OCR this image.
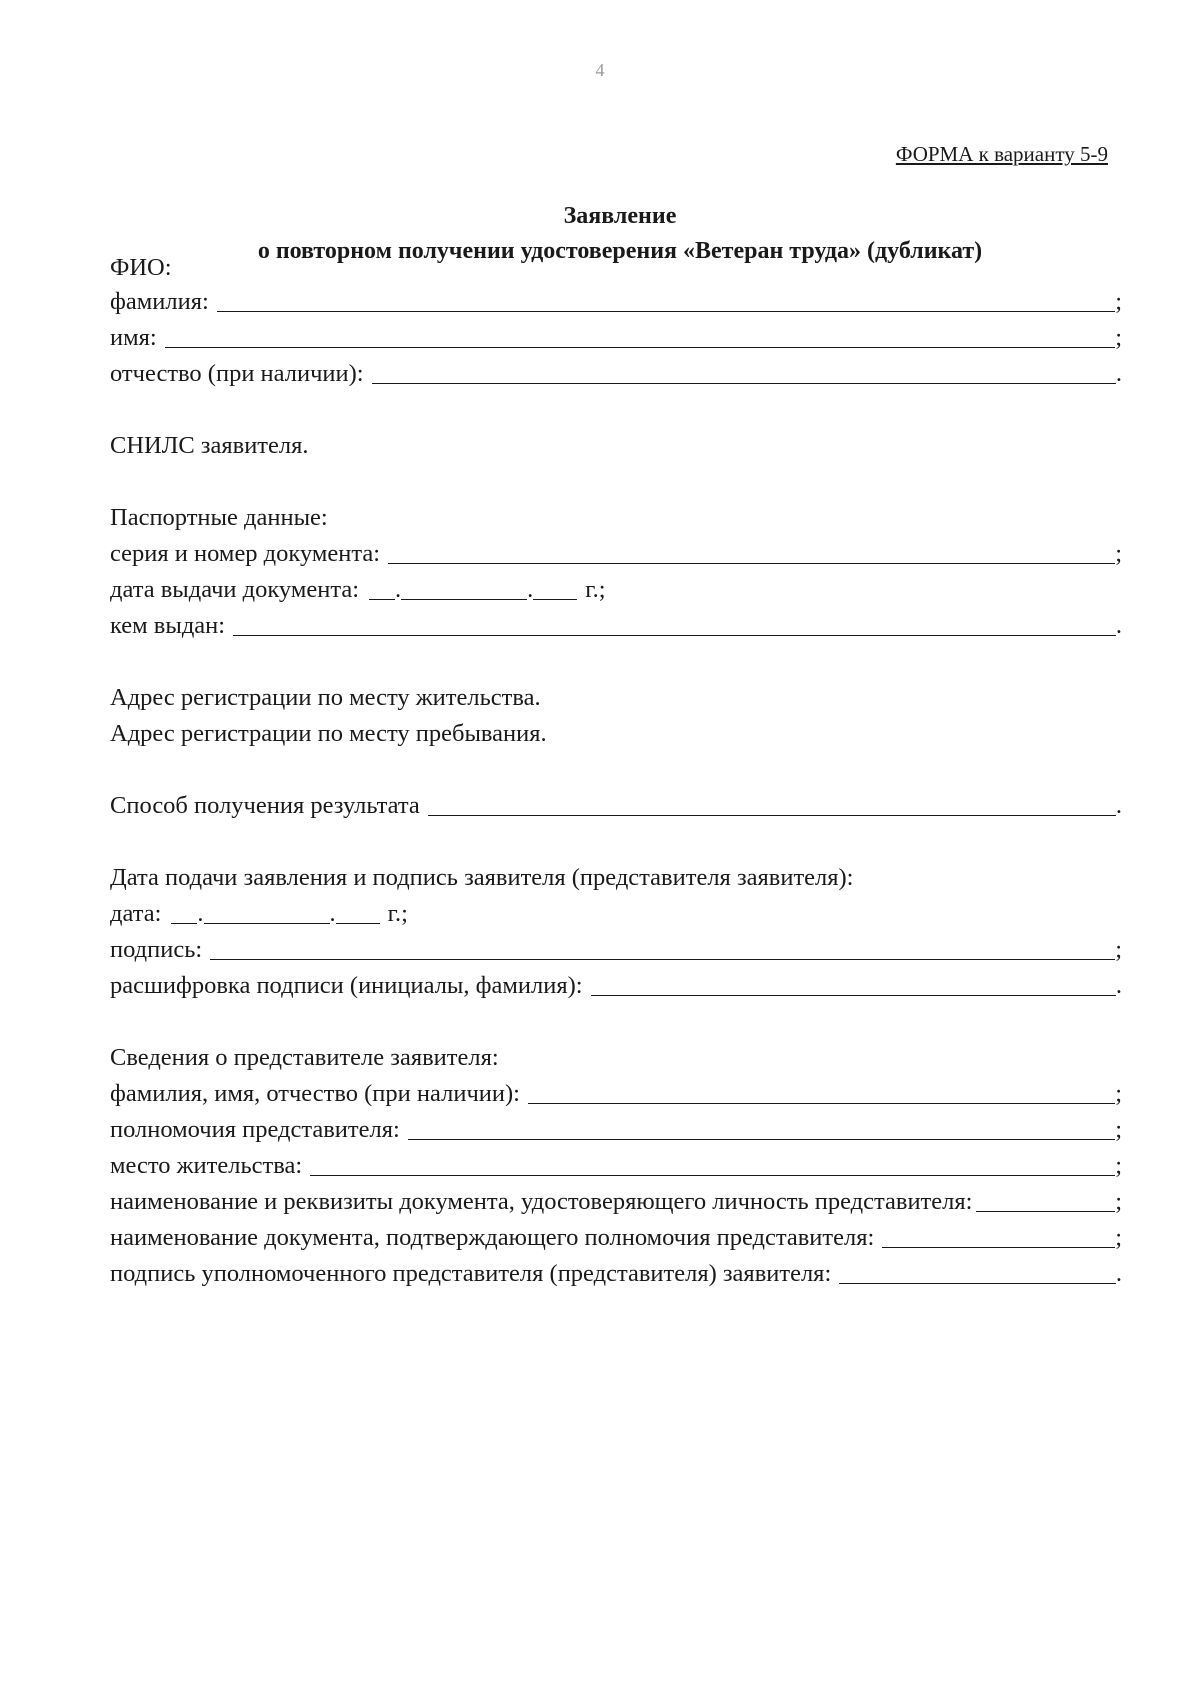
4
ФОРМА к варианту 5-9
Заявление
о повторном получении удостоверения «Ветеран труда» (дубликат)
ФИО:
фамилия:	;
имя:	;
отчество (при наличии):	.
СНИЛС заявителя.
Паспортные данные:
серия и номер документа:	;
дата выдачи документа: .	. г.;
кем выдан:	.
Адрес регистрации по месту жительства.
Адрес регистрации по месту пребывания.
Способ получения результата	.
Дата подачи заявления и подпись заявителя (представителя заявителя):
дата: .	. г.;
подпись:	;
расшифровка подписи (инициалы, фамилия):	.
Сведения о представителе заявителя:
фамилия, имя, отчество (при наличии):	;
полномочия представителя:	;
место жительства:	;
наименование и реквизиты документа, удостоверяющего личность представителя:	;
наименование документа, подтверждающего полномочия представителя:	;
подпись уполномоченного представителя (представителя) заявителя:	.
